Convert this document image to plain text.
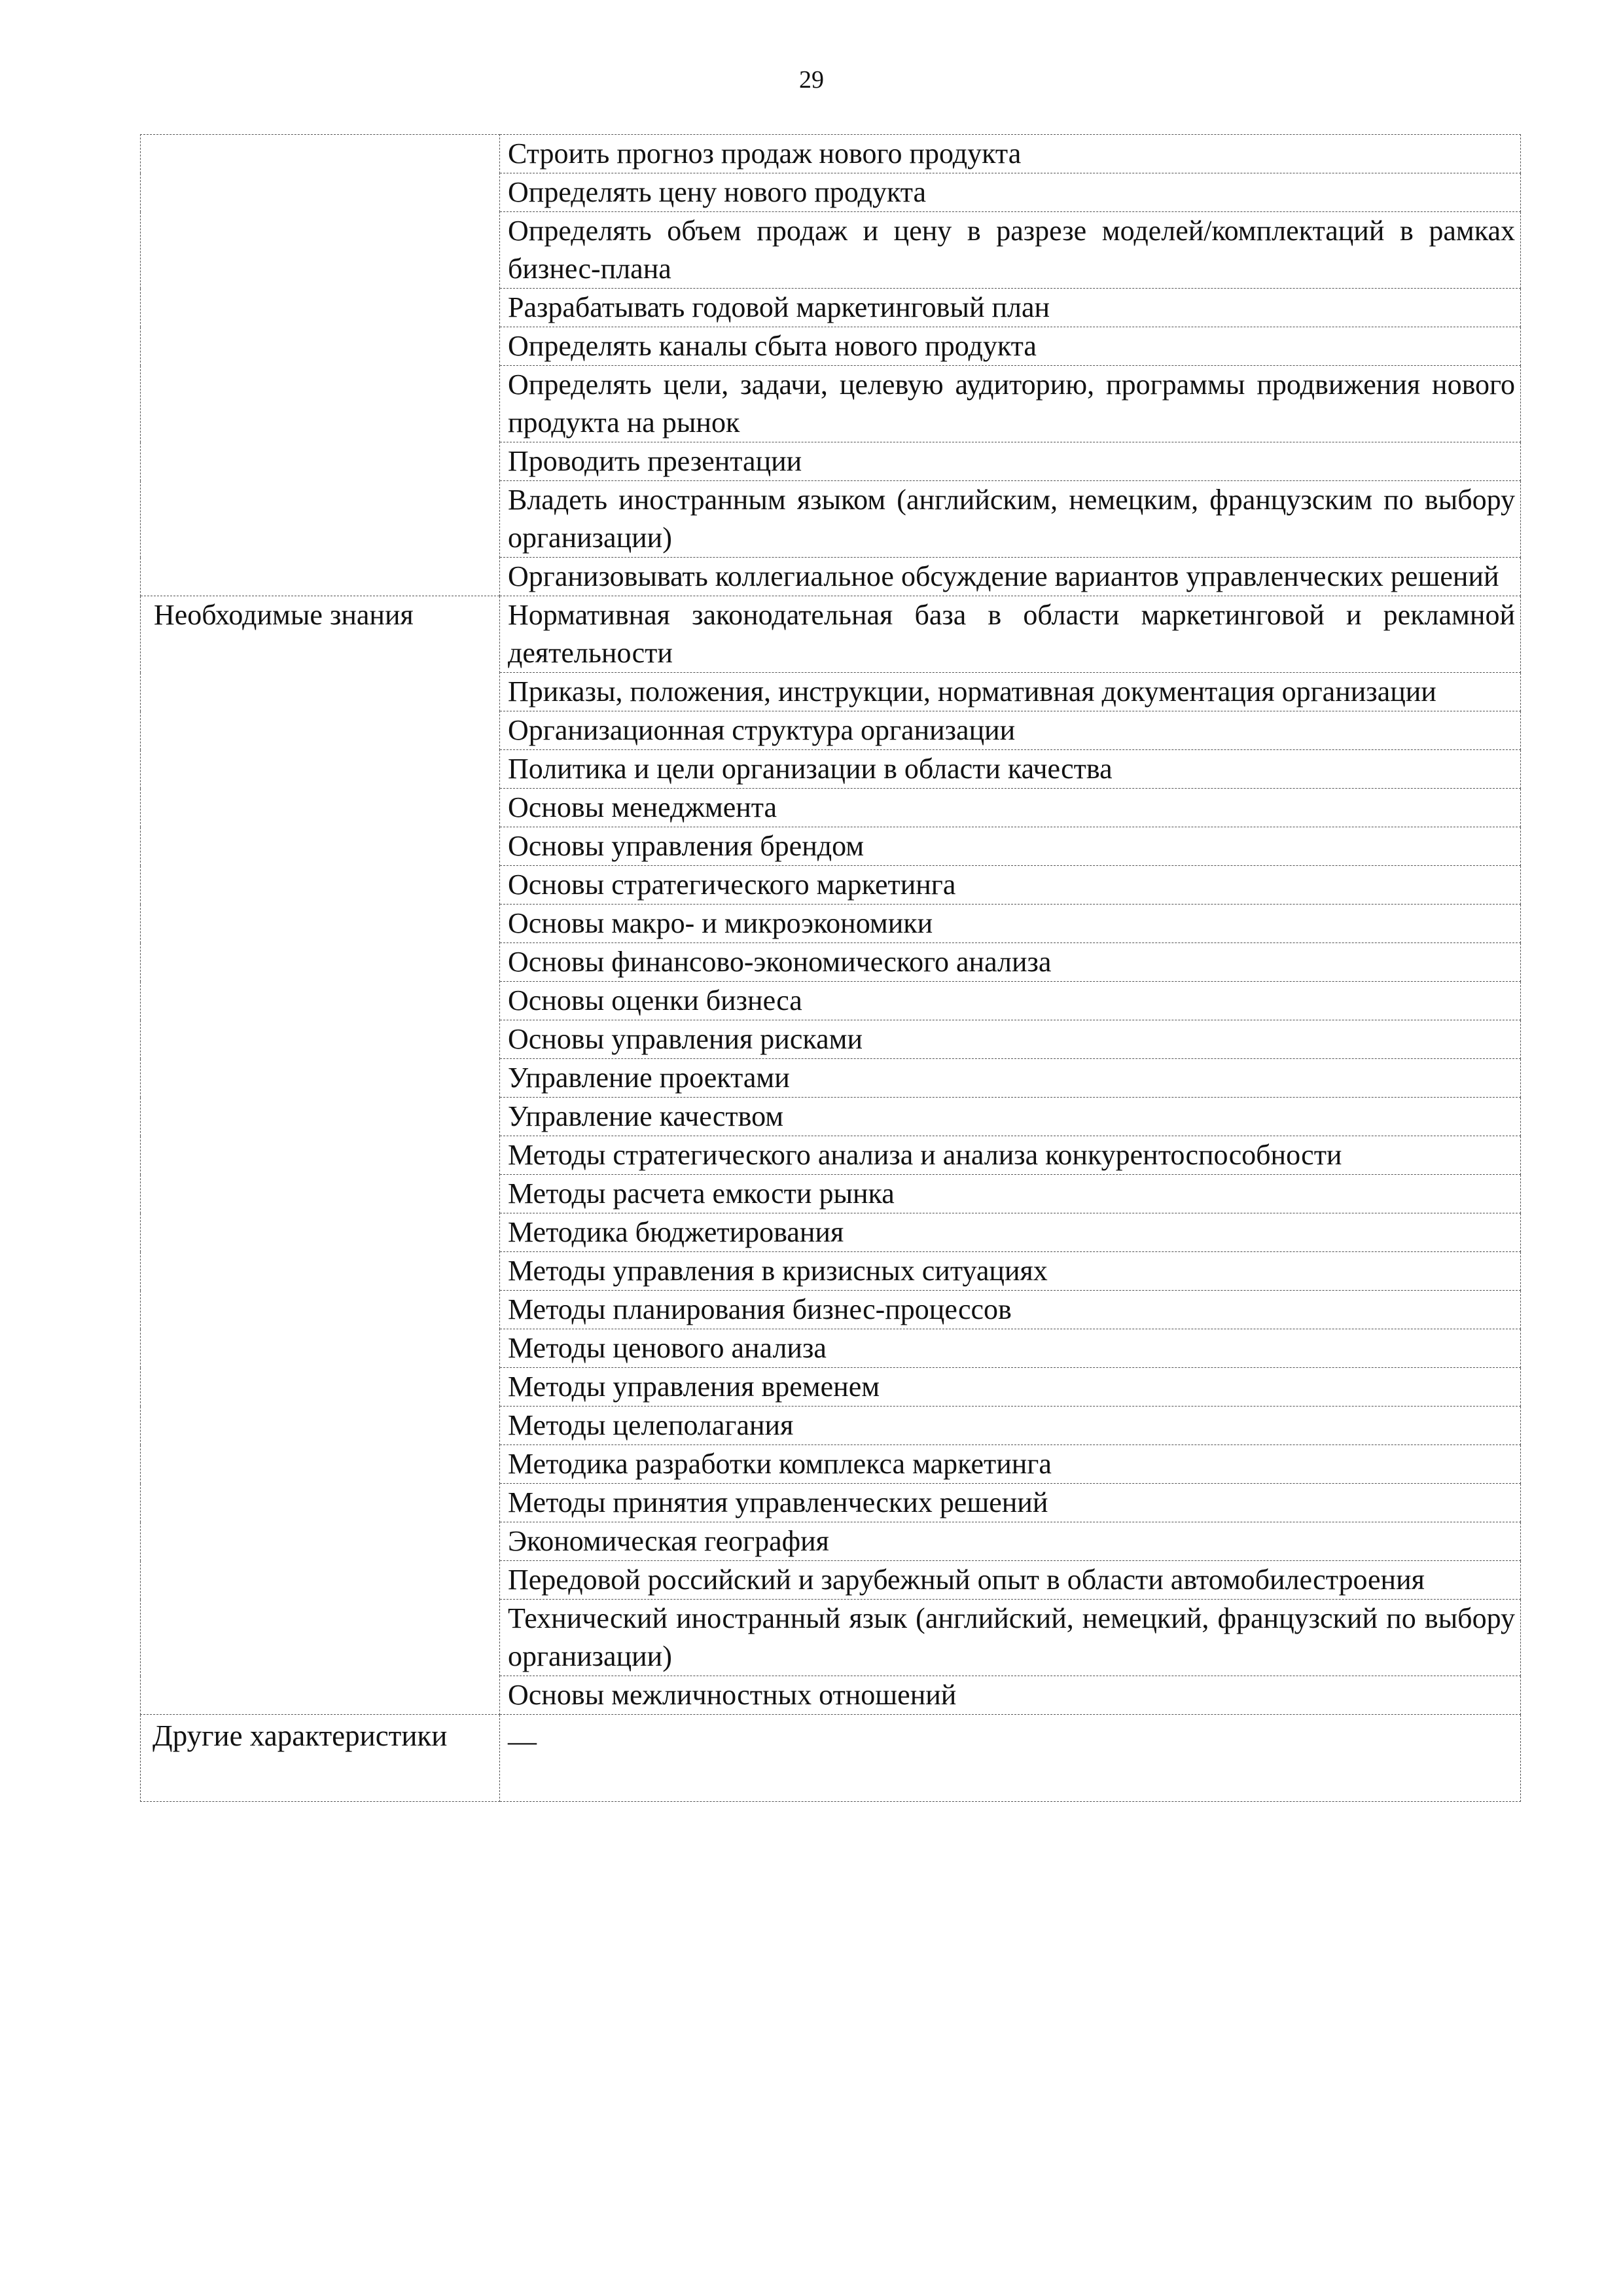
29
	Строить прогноз продаж нового продукта
	Определять цену нового продукта
	Определять объем продаж и цену в разрезе моделей/комплектаций в рамках бизнес-плана
	Разрабатывать годовой маркетинговый план
	Определять каналы сбыта нового продукта
	Определять цели, задачи, целевую аудиторию, программы продвижения нового продукта на рынок
	Проводить презентации
	Владеть иностранным языком (английским, немецким, французским по выбору организации)
	Организовывать коллегиальное обсуждение вариантов управленческих решений
Необходимые знания	Нормативная законодательная база в области маркетинговой и рекламной деятельности
	Приказы, положения, инструкции, нормативная документация организации
	Организационная структура организации
	Политика и цели организации в области качества
	Основы менеджмента
	Основы управления брендом
	Основы стратегического маркетинга
	Основы макро- и микроэкономики
	Основы финансово-экономического анализа
	Основы оценки бизнеса
	Основы управления рисками
	Управление проектами
	Управление качеством
	Методы стратегического анализа и анализа конкурентоспособности
	Методы расчета емкости рынка
	Методика бюджетирования
	Методы управления в кризисных ситуациях
	Методы планирования бизнес-процессов
	Методы ценового анализа
	Методы управления временем
	Методы целеполагания
	Методика разработки комплекса маркетинга
	Методы принятия управленческих решений
	Экономическая география
	Передовой российский и зарубежный опыт в области автомобилестроения
	Технический иностранный язык (английский, немецкий, французский по выбору организации)
	Основы межличностных отношений
Другие характеристики	—
